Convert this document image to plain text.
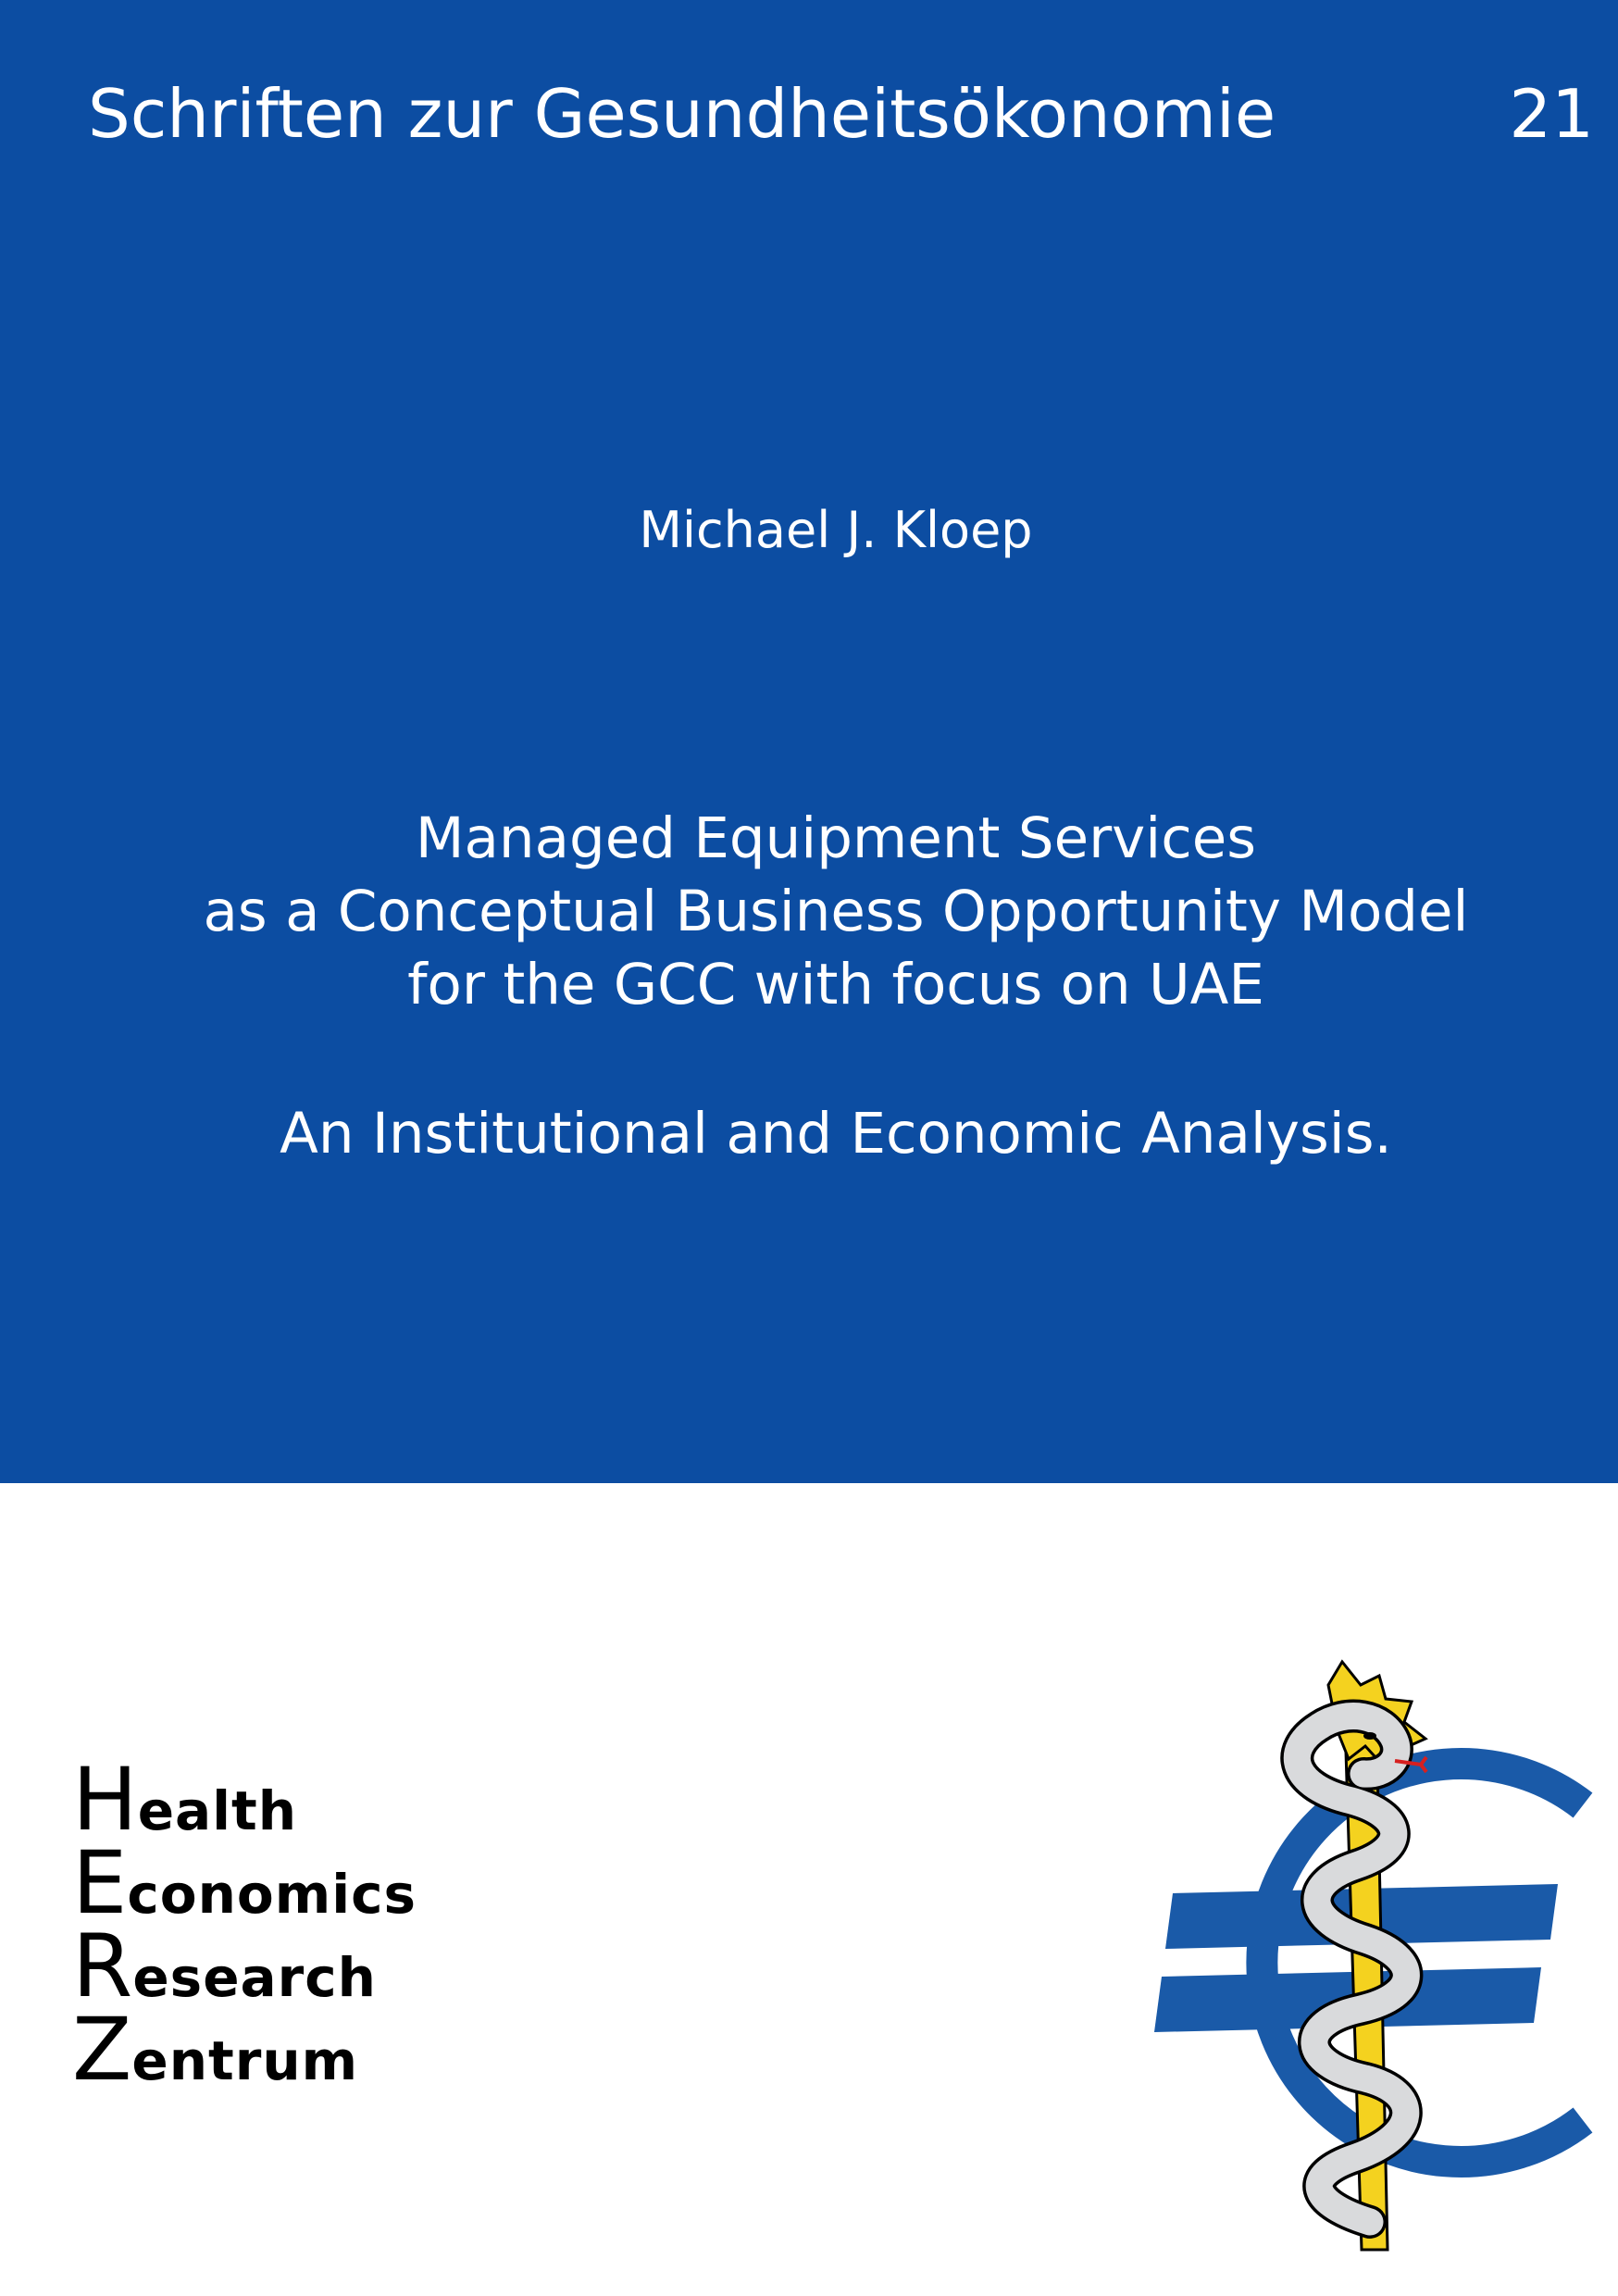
Schriften zur Gesundheitsökonomie	21
Michael J. Kloep
Managed Equipment Services
as a Conceptual Business Opportunity Model
for the GCC with focus on UAE
An Institutional and Economic Analysis.
Health
Economics
Research
Zentrum
